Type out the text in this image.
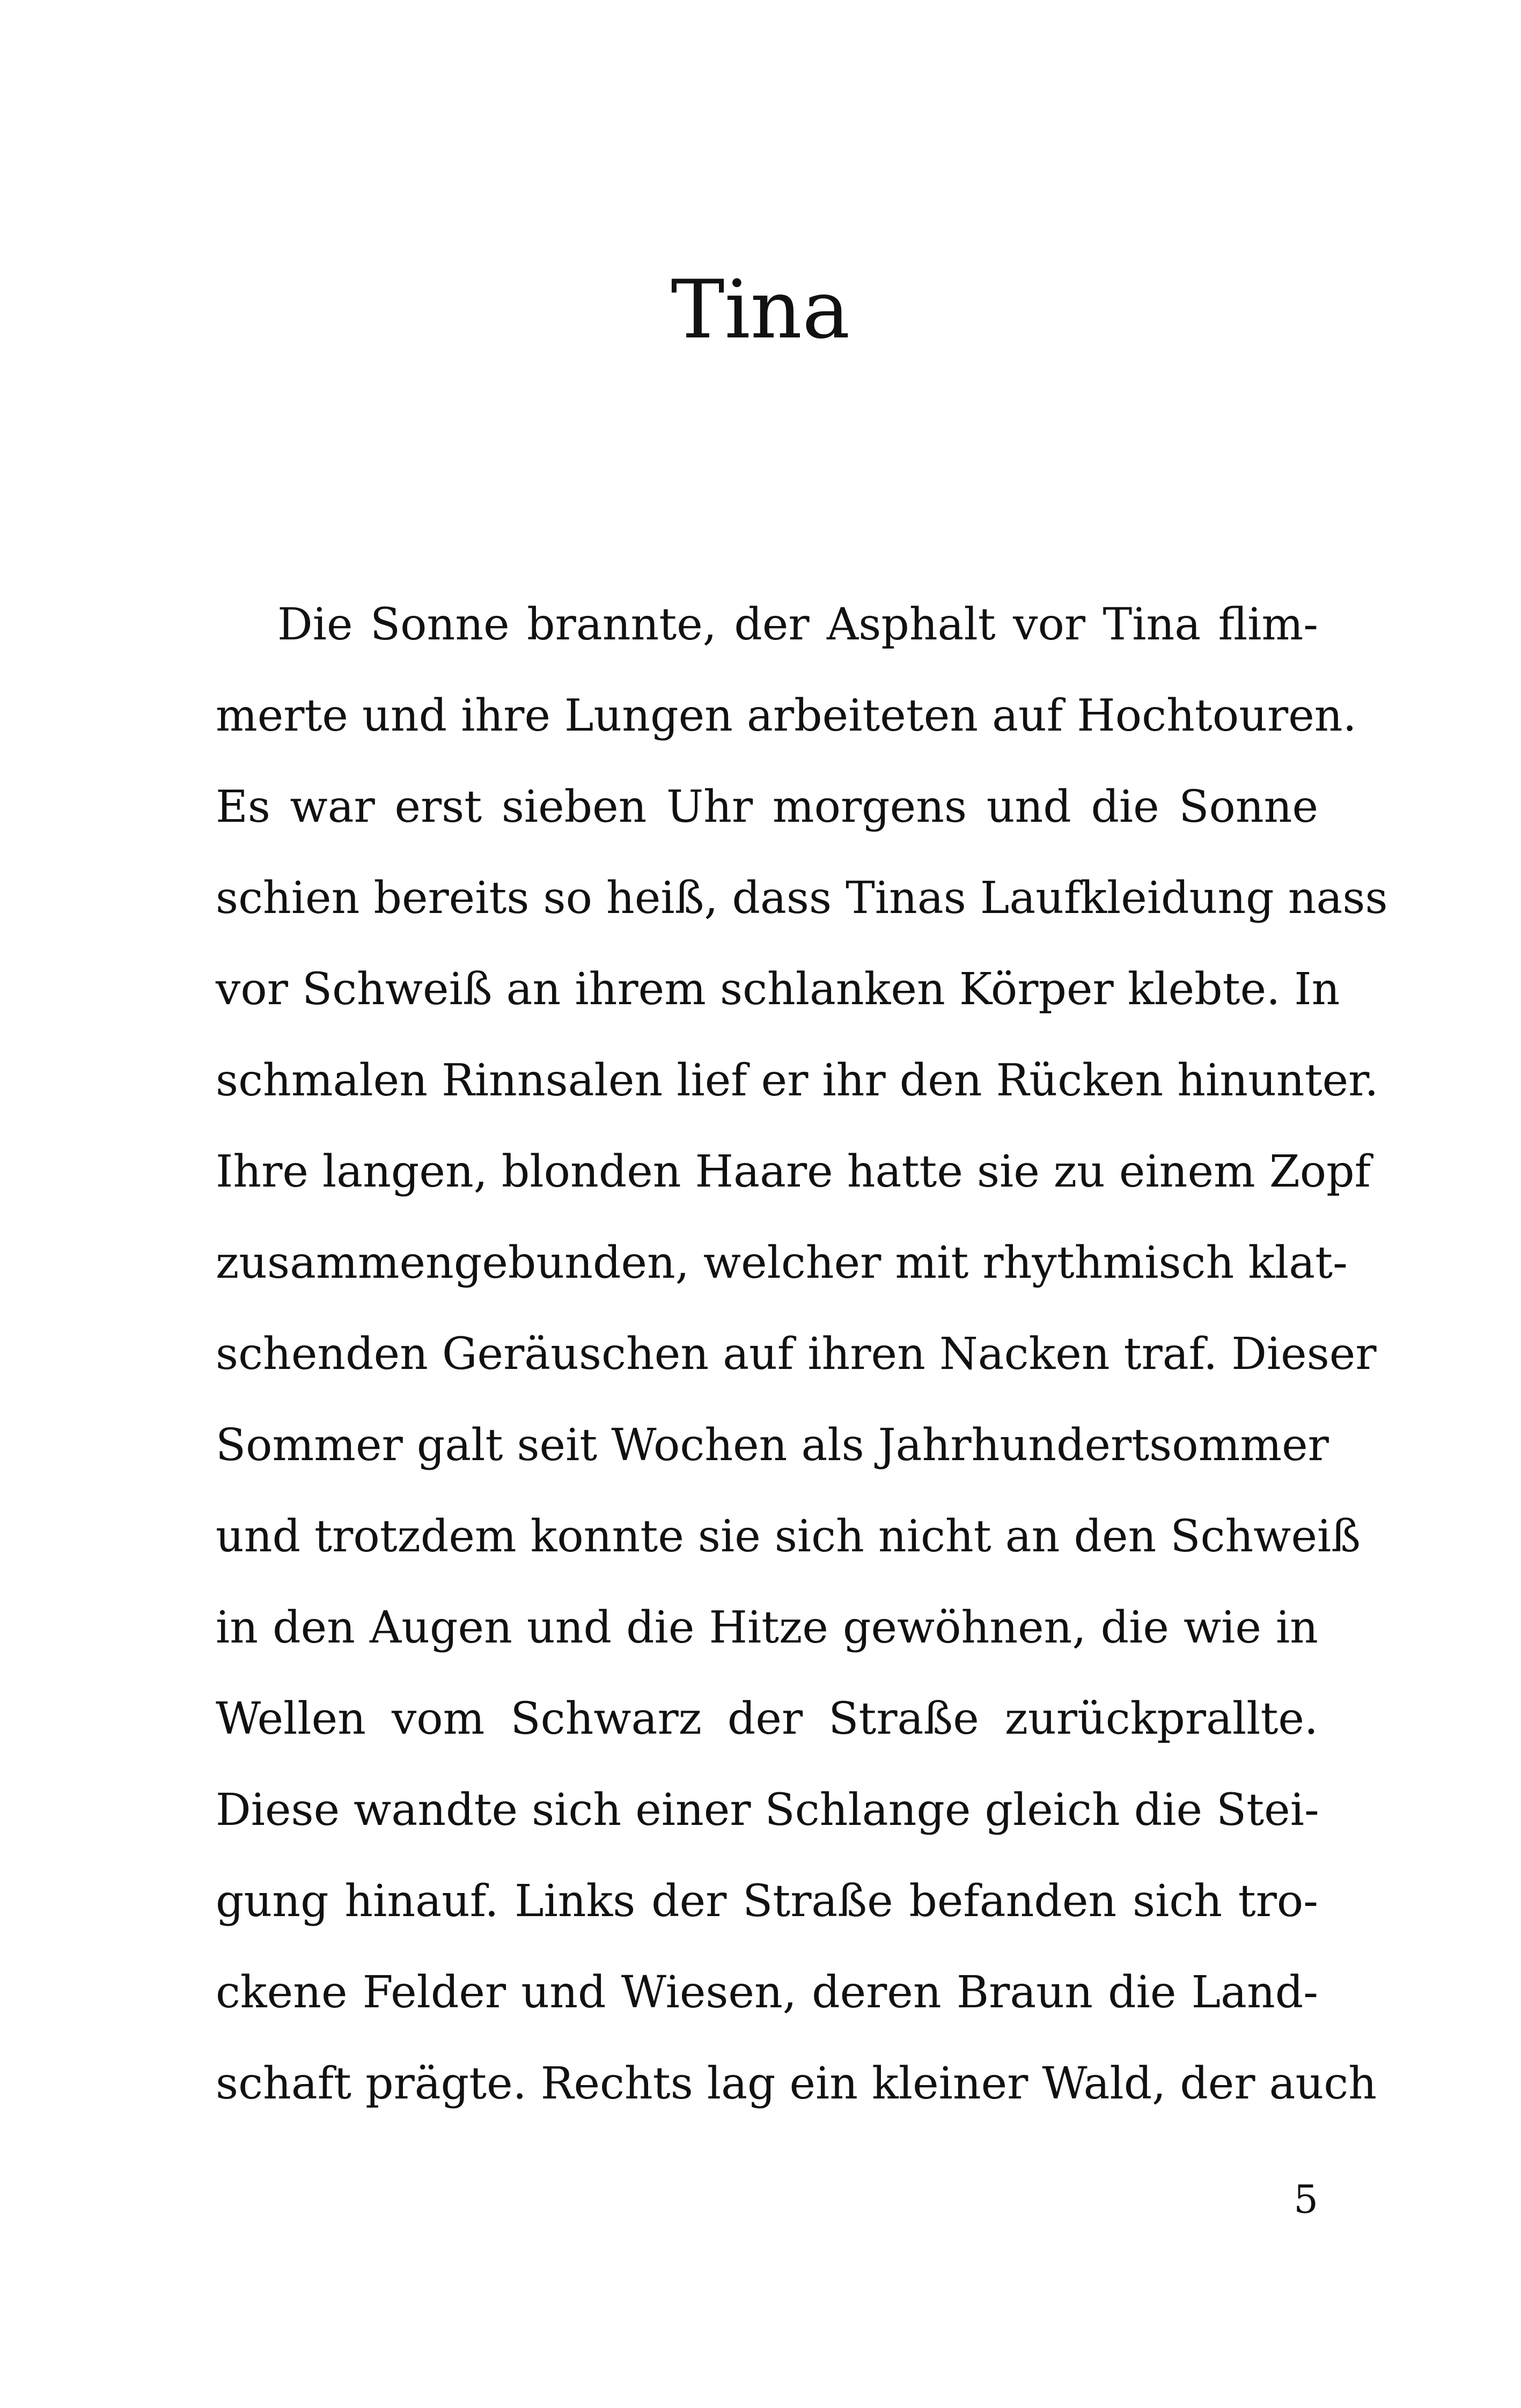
Tina
Die Sonne brannte, der Asphalt vor Tina flim-
merte und ihre Lungen arbeiteten auf Hochtouren.
Es war erst sieben Uhr morgens und die Sonne
schien bereits so heiß, dass Tinas Laufkleidung nass
vor Schweiß an ihrem schlanken Körper klebte. In
schmalen Rinnsalen lief er ihr den Rücken hinunter.
Ihre langen, blonden Haare hatte sie zu einem Zopf
zusammengebunden, welcher mit rhythmisch klat-
schenden Geräuschen auf ihren Nacken traf. Dieser
Sommer galt seit Wochen als Jahrhundertsommer
und trotzdem konnte sie sich nicht an den Schweiß
in den Augen und die Hitze gewöhnen, die wie in
Wellen vom Schwarz der Straße zurückprallte.
Diese wandte sich einer Schlange gleich die Stei-
gung hinauf. Links der Straße befanden sich tro-
ckene Felder und Wiesen, deren Braun die Land-
schaft prägte. Rechts lag ein kleiner Wald, der auch
5
